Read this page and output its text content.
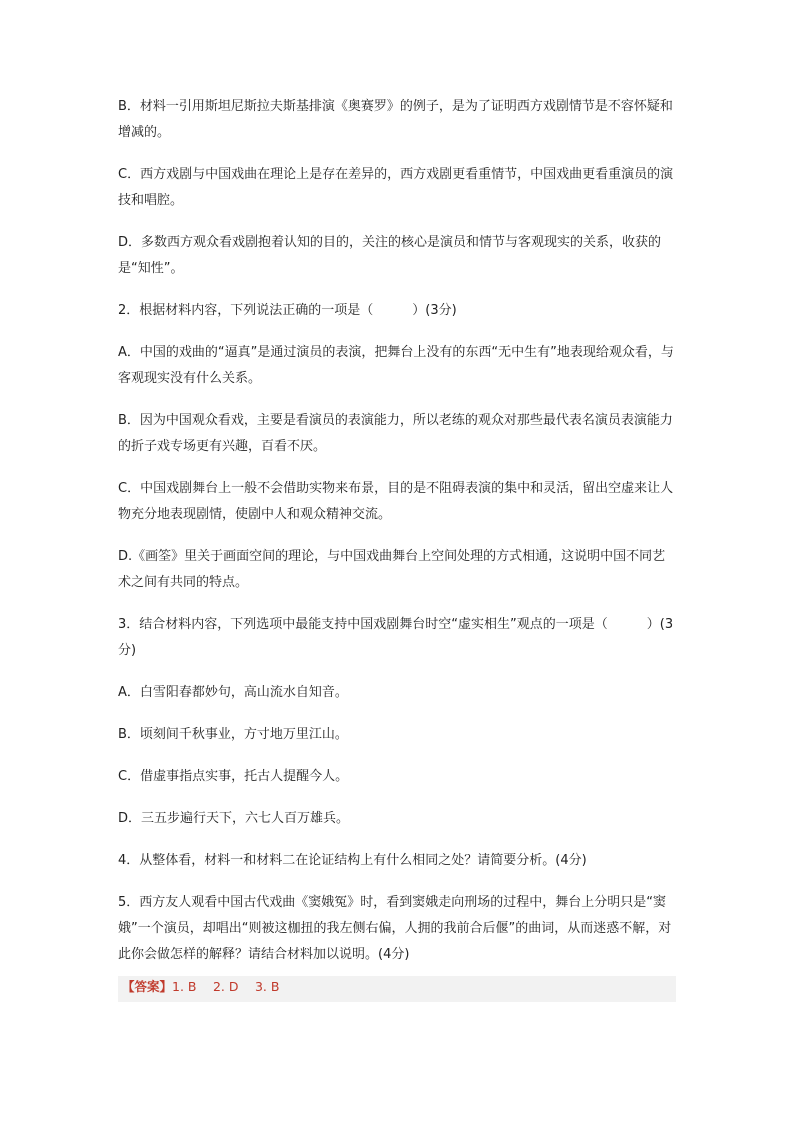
B．材料一引用斯坦尼斯拉夫斯基排演《奥赛罗》的例子，是为了证明西方戏剧情节是不容怀疑和增减的。

C．西方戏剧与中国戏曲在理论上是存在差异的，西方戏剧更看重情节，中国戏曲更看重演员的演技和唱腔。

D．多数西方观众看戏剧抱着认知的目的，关注的核心是演员和情节与客观现实的关系，收获的是“知性”。

2．根据材料内容，下列说法正确的一项是（　　　）(3分)

A．中国的戏曲的“逼真”是通过演员的表演，把舞台上没有的东西“无中生有”地表现给观众看，与客观现实没有什么关系。

B．因为中国观众看戏，主要是看演员的表演能力，所以老练的观众对那些最代表名演员表演能力的折子戏专场更有兴趣，百看不厌。

C．中国戏剧舞台上一般不会借助实物来布景，目的是不阻碍表演的集中和灵活，留出空虚来让人物充分地表现剧情，使剧中人和观众精神交流。

D.《画筌》里关于画面空间的理论，与中国戏曲舞台上空间处理的方式相通，这说明中国不同艺术之间有共同的特点。

3．结合材料内容，下列选项中最能支持中国戏剧舞台时空“虚实相生”观点的一项是（　　　）(3分)

A．白雪阳春都妙句，高山流水自知音。

B．顷刻间千秋事业，方寸地万里江山。

C．借虚事指点实事，托古人提醒今人。

D．三五步遍行天下，六七人百万雄兵。

4．从整体看，材料一和材料二在论证结构上有什么相同之处？请简要分析。(4分)

5．西方友人观看中国古代戏曲《窦娥冤》时，看到窦娥走向刑场的过程中，舞台上分明只是“窦娥”一个演员，却唱出“则被这枷扭的我左侧右偏，人拥的我前合后偃”的曲词，从而迷惑不解，对此你会做怎样的解释？请结合材料加以说明。(4分)

【答案】1. B　 2. D　 3. B
